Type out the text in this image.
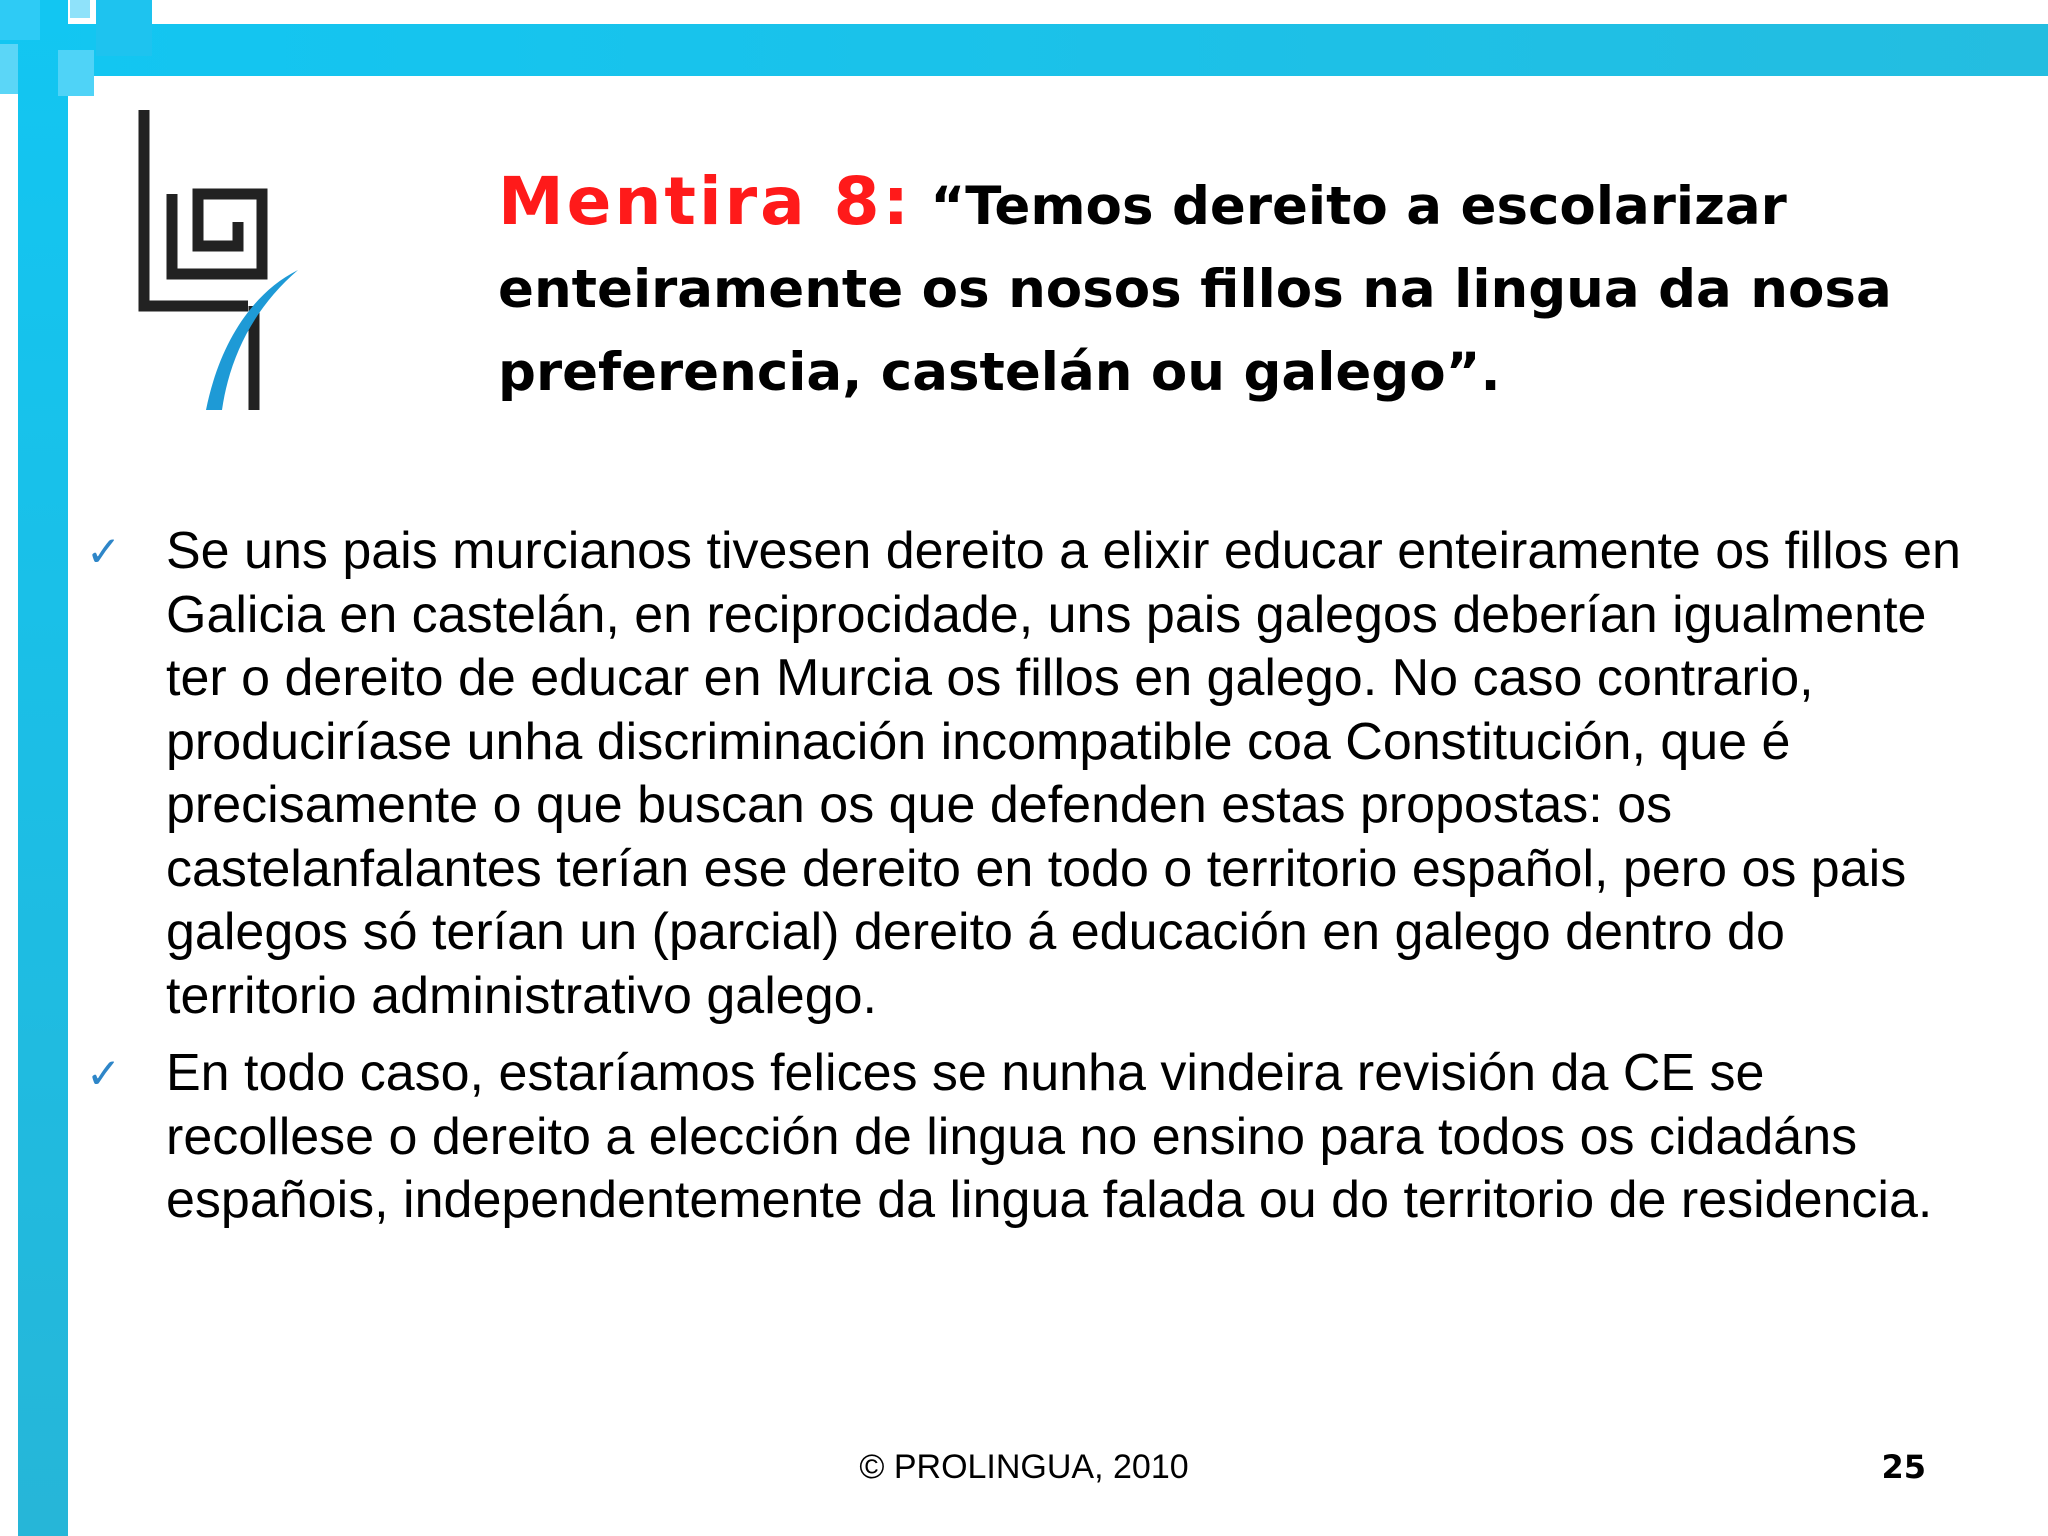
Mentira 8: “Temos dereito a escolarizar enteiramente os nosos fillos na lingua da nosa preferencia, castelán ou galego”.
✓ Se uns pais murcianos tivesen dereito a elixir educar enteiramente os fillos en Galicia en castelán, en reciprocidade, uns pais galegos deberían igualmente ter o dereito de educar en Murcia os fillos en galego. No caso contrario, produciríase unha discriminación incompatible coa Constitución, que é precisamente o que buscan os que defenden estas propostas: os castelanfalantes terían ese dereito en todo o territorio español, pero os pais galegos só terían un (parcial) dereito á educación en galego dentro do territorio administrativo galego.
✓ En todo caso, estaríamos felices se nunha vindeira revisión da CE se recollese o dereito a elección de lingua no ensino para todos os cidadáns españois, independentemente da lingua falada ou do territorio de residencia.
© PROLINGUA, 2010	25
